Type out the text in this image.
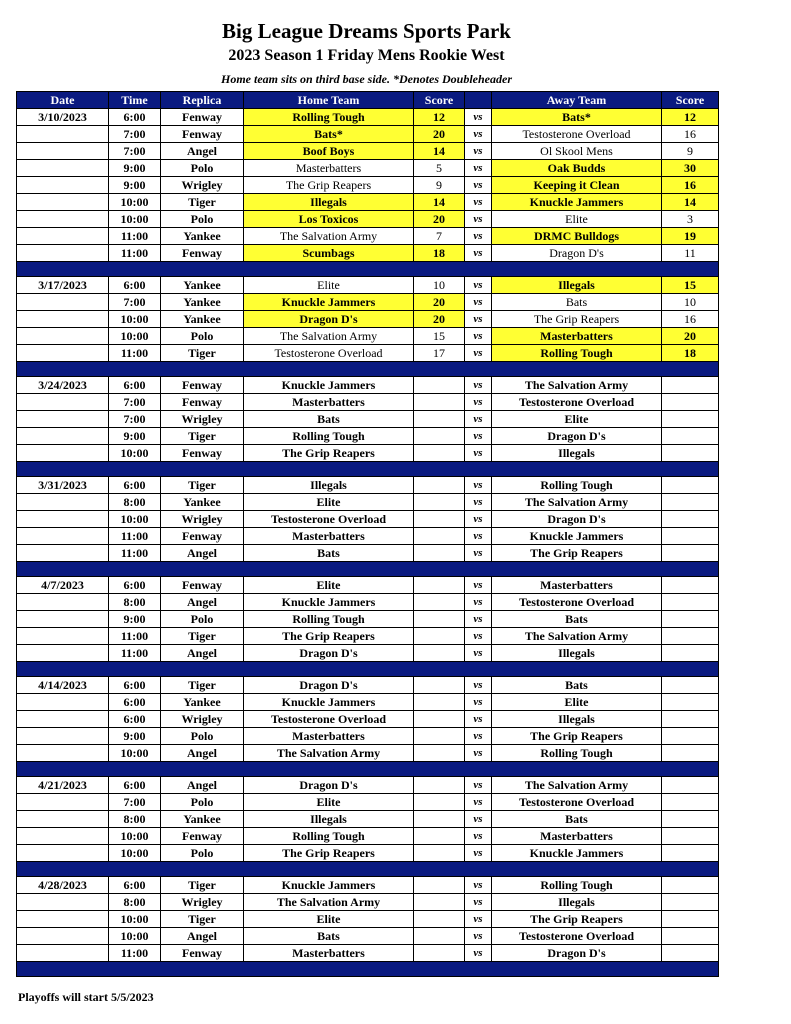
Big League Dreams Sports Park
2023 Season 1 Friday Mens Rookie West
Home team sits on third base side. *Denotes Doubleheader
Date	Time	Replica	Home Team	Score		Away Team	Score
3/10/2023	6:00	Fenway	Rolling Tough	12	vs	Bats*	12
	7:00	Fenway	Bats*	20	vs	Testosterone Overload	16
	7:00	Angel	Boof Boys	14	vs	Ol Skool Mens	9
	9:00	Polo	Masterbatters	5	vs	Oak Budds	30
	9:00	Wrigley	The Grip Reapers	9	vs	Keeping it Clean	16
	10:00	Tiger	Illegals	14	vs	Knuckle Jammers	14
	10:00	Polo	Los Toxicos	20	vs	Elite	3
	11:00	Yankee	The Salvation Army	7	vs	DRMC Bulldogs	19
	11:00	Fenway	Scumbags	18	vs	Dragon D's	11

3/17/2023	6:00	Yankee	Elite	10	vs	Illegals	15
	7:00	Yankee	Knuckle Jammers	20	vs	Bats	10
	10:00	Yankee	Dragon D's	20	vs	The Grip Reapers	16
	10:00	Polo	The Salvation Army	15	vs	Masterbatters	20
	11:00	Tiger	Testosterone Overload	17	vs	Rolling Tough	18

3/24/2023	6:00	Fenway	Knuckle Jammers		vs	The Salvation Army	
	7:00	Fenway	Masterbatters		vs	Testosterone Overload	
	7:00	Wrigley	Bats		vs	Elite	
	9:00	Tiger	Rolling Tough		vs	Dragon D's	
	10:00	Fenway	The Grip Reapers		vs	Illegals	

3/31/2023	6:00	Tiger	Illegals		vs	Rolling Tough	
	8:00	Yankee	Elite		vs	The Salvation Army	
	10:00	Wrigley	Testosterone Overload		vs	Dragon D's	
	11:00	Fenway	Masterbatters		vs	Knuckle Jammers	
	11:00	Angel	Bats		vs	The Grip Reapers	

4/7/2023	6:00	Fenway	Elite		vs	Masterbatters	
	8:00	Angel	Knuckle Jammers		vs	Testosterone Overload	
	9:00	Polo	Rolling Tough		vs	Bats	
	11:00	Tiger	The Grip Reapers		vs	The Salvation Army	
	11:00	Angel	Dragon D's		vs	Illegals	

4/14/2023	6:00	Tiger	Dragon D's		vs	Bats	
	6:00	Yankee	Knuckle Jammers		vs	Elite	
	6:00	Wrigley	Testosterone Overload		vs	Illegals	
	9:00	Polo	Masterbatters		vs	The Grip Reapers	
	10:00	Angel	The Salvation Army		vs	Rolling Tough	

4/21/2023	6:00	Angel	Dragon D's		vs	The Salvation Army	
	7:00	Polo	Elite		vs	Testosterone Overload	
	8:00	Yankee	Illegals		vs	Bats	
	10:00	Fenway	Rolling Tough		vs	Masterbatters	
	10:00	Polo	The Grip Reapers		vs	Knuckle Jammers	

4/28/2023	6:00	Tiger	Knuckle Jammers		vs	Rolling Tough	
	8:00	Wrigley	The Salvation Army		vs	Illegals	
	10:00	Tiger	Elite		vs	The Grip Reapers	
	10:00	Angel	Bats		vs	Testosterone Overload	
	11:00	Fenway	Masterbatters		vs	Dragon D's	

Playoffs will start 5/5/2023
